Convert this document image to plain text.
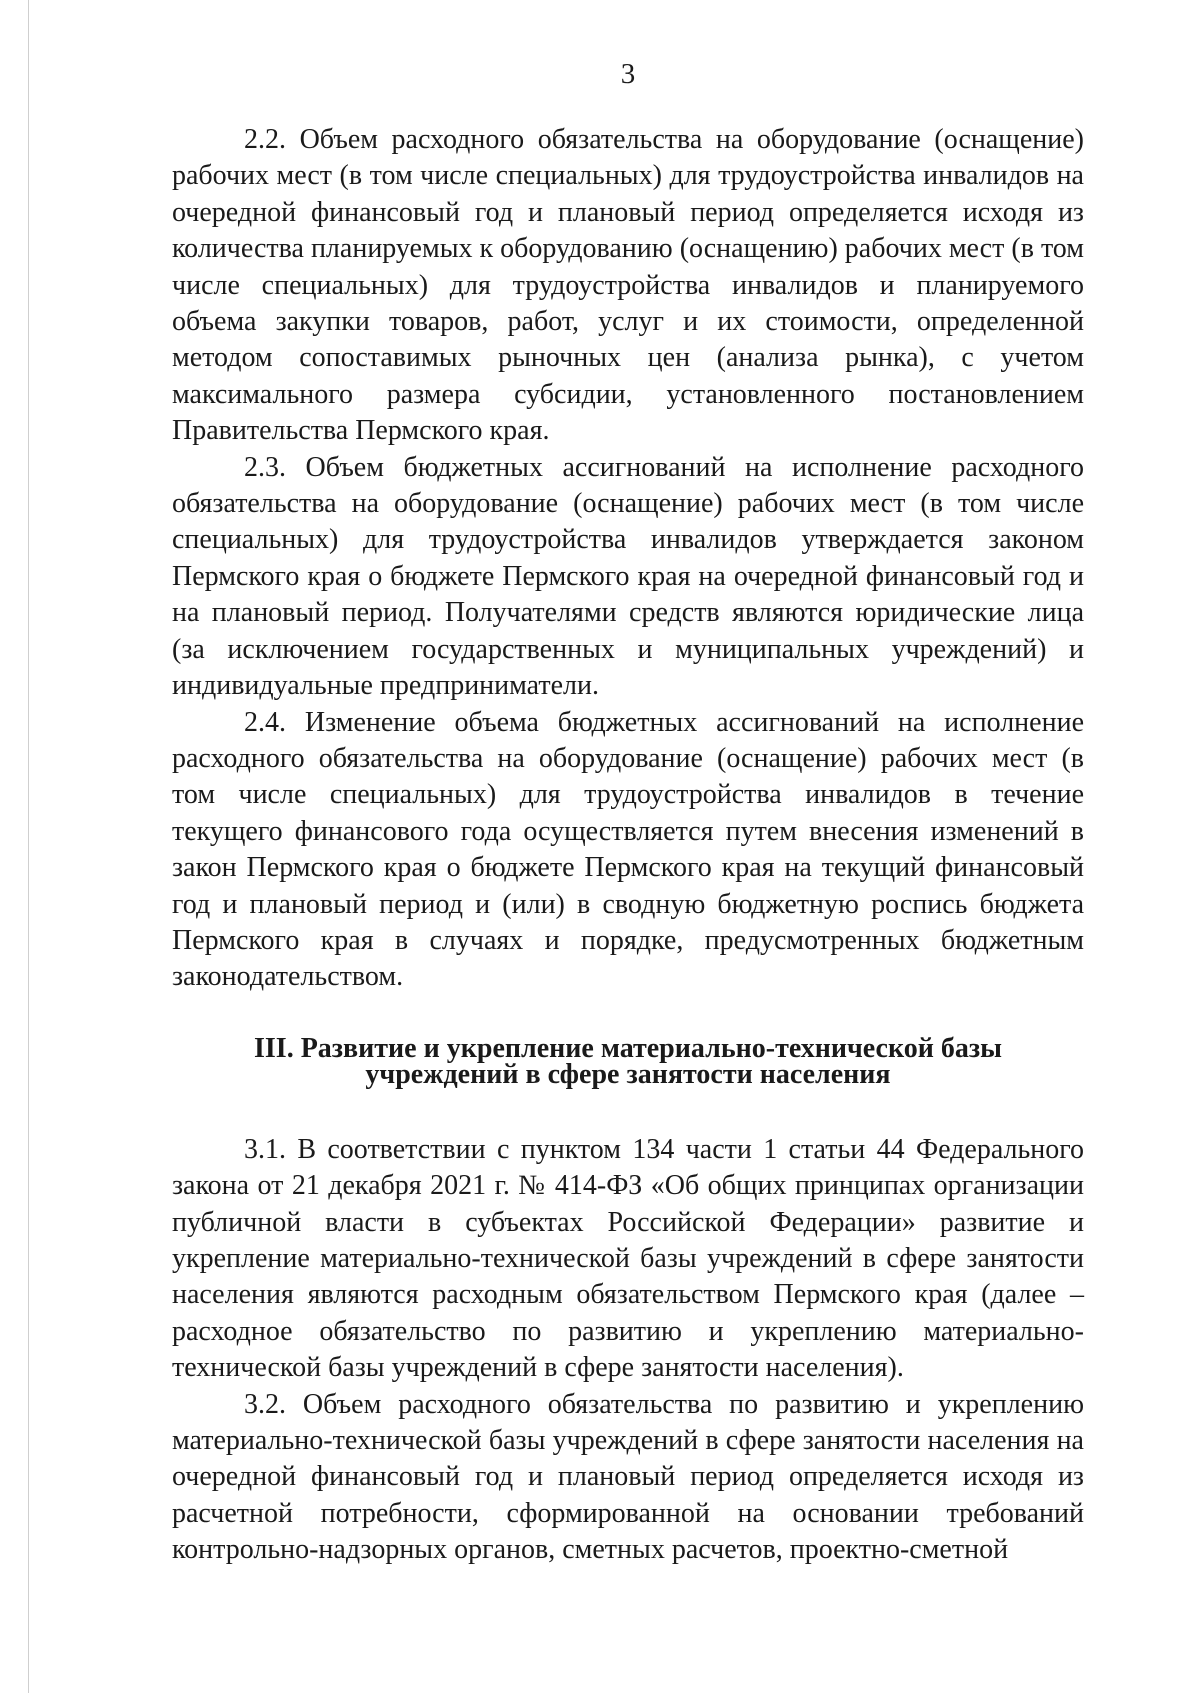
3

2.2. Объем расходного обязательства на оборудование (оснащение) рабочих мест (в том числе специальных) для трудоустройства инвалидов на очередной финансовый год и плановый период определяется исходя из количества планируемых к оборудованию (оснащению) рабочих мест (в том числе специальных) для трудоустройства инвалидов и планируемого объема закупки товаров, работ, услуг и их стоимости, определенной методом сопоставимых рыночных цен (анализа рынка), с учетом максимального размера субсидии, установленного постановлением Правительства Пермского края.

2.3. Объем бюджетных ассигнований на исполнение расходного обязательства на оборудование (оснащение) рабочих мест (в том числе специальных) для трудоустройства инвалидов утверждается законом Пермского края о бюджете Пермского края на очередной финансовый год и на плановый период. Получателями средств являются юридические лица (за исключением государственных и муниципальных учреждений) и индивидуальные предприниматели.

2.4. Изменение объема бюджетных ассигнований на исполнение расходного обязательства на оборудование (оснащение) рабочих мест (в том числе специальных) для трудоустройства инвалидов в течение текущего финансового года осуществляется путем внесения изменений в закон Пермского края о бюджете Пермского края на текущий финансовый год и плановый период и (или) в сводную бюджетную роспись бюджета Пермского края в случаях и порядке, предусмотренных бюджетным законодательством.

III. Развитие и укрепление материально-технической базы
учреждений в сфере занятости населения

3.1. В соответствии с пунктом 134 части 1 статьи 44 Федерального закона от 21 декабря 2021 г. № 414-ФЗ «Об общих принципах организации публичной власти в субъектах Российской Федерации» развитие и укрепление материально-технической базы учреждений в сфере занятости населения являются расходным обязательством Пермского края (далее – расходное обязательство по развитию и укреплению материально-технической базы учреждений в сфере занятости населения).

3.2. Объем расходного обязательства по развитию и укреплению материально-технической базы учреждений в сфере занятости населения на очередной финансовый год и плановый период определяется исходя из расчетной потребности, сформированной на основании требований контрольно-надзорных органов, сметных расчетов, проектно-сметной
